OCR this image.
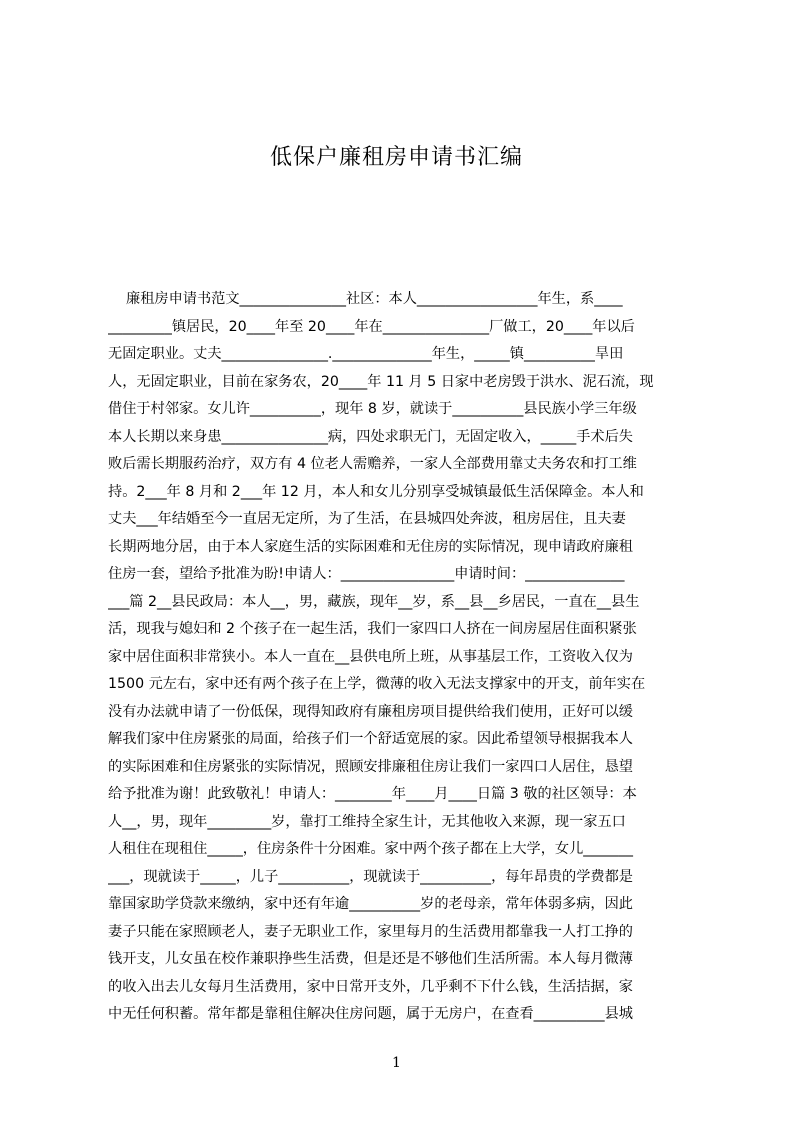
低保户廉租房申请书汇编
廉租房申请书范文_______________社区：本人_________________年生，系____
_________镇居民，20____年至 20____年在_______________厂做工，20____年以后
无固定职业。丈夫_______________.______________年生，_____镇__________旱田
人，无固定职业，目前在家务农，20____年 11 月 5 日家中老房毁于洪水、泥石流，现
借住于村邻家。女儿许__________，现年 8 岁，就读于__________县民族小学三年级
本人长期以来身患_______________病，四处求职无门，无固定收入，_____手术后失
败后需长期服药治疗，双方有 4 位老人需赡养，一家人全部费用靠丈夫务农和打工维
持。2___年 8 月和 2___年 12 月，本人和女儿分别享受城镇最低生活保障金。本人和
丈夫___年结婚至今一直居无定所，为了生活，在县城四处奔波，租房居住，且夫妻
长期两地分居，由于本人家庭生活的实际困难和无住房的实际情况，现申请政府廉租
住房一套，望给予批准为盼!申请人：________________申请时间：______________
___篇 2__县民政局：本人__，男，藏族，现年__岁，系__县__乡居民，一直在__县生
活，现我与媳妇和 2 个孩子在一起生活，我们一家四口人挤在一间房屋居住面积紧张
家中居住面积非常狭小。本人一直在__县供电所上班，从事基层工作，工资收入仅为
1500 元左右，家中还有两个孩子在上学，微薄的收入无法支撑家中的开支，前年实在
没有办法就申请了一份低保，现得知政府有廉租房项目提供给我们使用，正好可以缓
解我们家中住房紧张的局面，给孩子们一个舒适宽展的家。因此希望领导根据我本人
的实际困难和住房紧张的实际情况，照顾安排廉租住房让我们一家四口人居住，恳望
给予批准为谢！此致敬礼！申请人：________年____月____日篇 3 敬的社区领导：本
人__，男，现年_________岁，靠打工维持全家生计，无其他收入来源，现一家五口
人租住在现租住_____，住房条件十分困难。家中两个孩子都在上大学，女儿_______
___，现就读于_____，儿子__________，现就读于__________，每年昂贵的学费都是
靠国家助学贷款来缴纳，家中还有年逾__________岁的老母亲，常年体弱多病，因此
妻子只能在家照顾老人，妻子无职业工作，家里每月的生活费用都靠我一人打工挣的
钱开支，儿女虽在校作兼职挣些生活费，但是还是不够他们生活所需。本人每月微薄
的收入出去儿女每月生活费用，家中日常开支外，几乎剩不下什么钱，生活拮据，家
中无任何积蓄。常年都是靠租住解决住房问题，属于无房户，在查看__________县城
1
